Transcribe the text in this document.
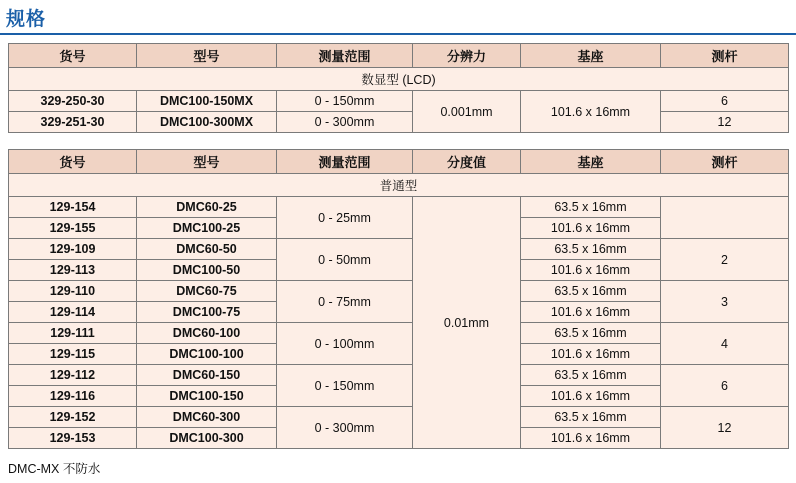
规格
货号	型号	测量范围	分辨力	基座	测杆
数显型 (LCD)					
329-250-30	DMC100-150MX	0 - 150mm	0.001mm	101.6 x 16mm	6
329-251-30	DMC100-300MX	0 - 300mm			12
货号	型号	测量范围	分度值	基座	测杆
普通型					
129-154	DMC60-25	0 - 25mm	0.01mm	63.5 x 16mm	
129-155	DMC100-25			101.6 x 16mm	
129-109	DMC60-50	0 - 50mm		63.5 x 16mm	2
129-113	DMC100-50			101.6 x 16mm	
129-110	DMC60-75	0 - 75mm		63.5 x 16mm	3
129-114	DMC100-75			101.6 x 16mm	
129-111	DMC60-100	0 - 100mm		63.5 x 16mm	4
129-115	DMC100-100			101.6 x 16mm	
129-112	DMC60-150	0 - 150mm		63.5 x 16mm	6
129-116	DMC100-150			101.6 x 16mm	
129-152	DMC60-300	0 - 300mm		63.5 x 16mm	12
129-153	DMC100-300			101.6 x 16mm	
DMC-MX 不防水
